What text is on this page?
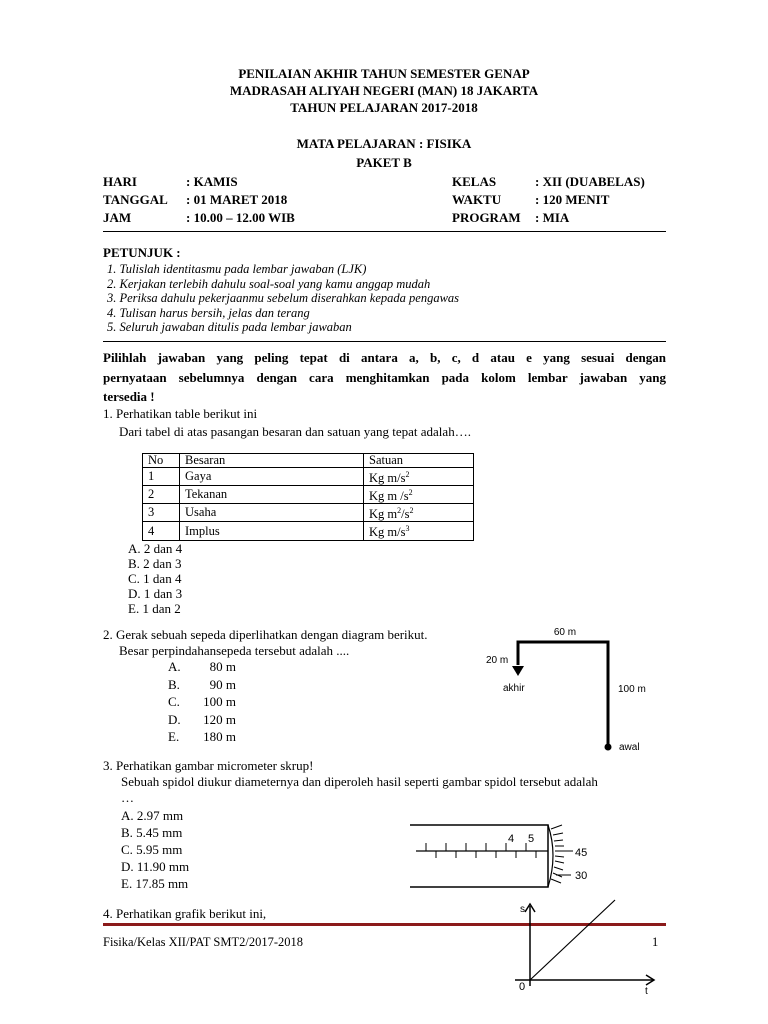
PENILAIAN AKHIR TAHUN SEMESTER GENAP
MADRASAH ALIYAH NEGERI (MAN) 18 JAKARTA
TAHUN PELAJARAN 2017-2018
MATA PELAJARAN : FISIKA
PAKET B
HARI	: KAMIS	KELAS	: XII (DUABELAS)
TANGGAL : 01 MARET 2018	WAKTU	: 120 MENIT
JAM	: 10.00 – 12.00 WIB	PROGRAM : MIA
PETUNJUK :
1. Tulislah identitasmu pada lembar jawaban (LJK)
2. Kerjakan terlebih dahulu soal-soal yang kamu anggap mudah
3. Periksa dahulu pekerjaanmu sebelum diserahkan kepada pengawas
4. Tulisan harus bersih, jelas dan terang
5. Seluruh jawaban ditulis pada lembar jawaban
Pilihlah jawaban yang peling tepat di antara a, b, c, d atau e yang sesuai dengan
pernyataan sebelumnya dengan cara menghitamkan pada kolom lembar jawaban yang
tersedia !
1. Perhatikan table berikut ini
Dari tabel di atas pasangan besaran dan satuan yang tepat adalah….
No	Besaran	Satuan
1	Gaya	Kg $m/s^2$
2	Tekanan	Kg m $/s^2$
3	Usaha	Kg $m^2/s^2$
4	Implus	Kg $m/s^3$
A. 2 dan 4
B. 2 dan 3
C. 1 dan 4
D. 1 dan 3
E. 1 dan 2
2. Gerak sebuah sepeda diperlihatkan dengan diagram berikut.
Besar perpindahansepeda tersebut adalah ....
A. 80 m
B. 90 m
C. 100 m
D. 120 m
E. 180 m
60 m
20 m
100 m
akhir
awal
3. Perhatikan gambar micrometer skrup!
Sebuah spidol diukur diameternya dan diperoleh hasil seperti gambar spidol tersebut adalah
…
A. 2.97 mm
B. 5.45 mm
C. 5.95 mm
D. 11.90 mm
E. 17.85 mm
4 5
45
30
4. Perhatikan grafik berikut ini,	s
t
0
Fisika/Kelas XII/PAT SMT2/2017-2018	1
